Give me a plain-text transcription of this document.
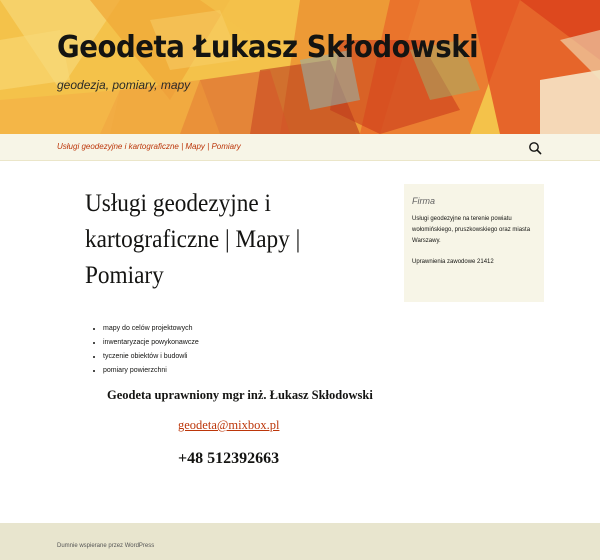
Geodeta Łukasz Skłodowski
geodezja, pomiary, mapy
Usługi geodezyjne i kartograficzne | Mapy | Pomiary
Usługi geodezyjne i kartograficzne | Mapy | Pomiary
• mapy do celów projektowych
• inwentaryzacje powykonawcze
• tyczenie obiektów i budowli
• pomiary powierzchni
Geodeta uprawniony mgr inż. Łukasz Skłodowski
geodeta@mixbox.pl
+48 512392663
Firma
Usługi geodezyjne na terenie powiatu wołomińskiego, pruszkowskiego oraz miasta Warszawy.
Uprawnienia zawodowe 21412
Dumnie wspierane przez WordPress
